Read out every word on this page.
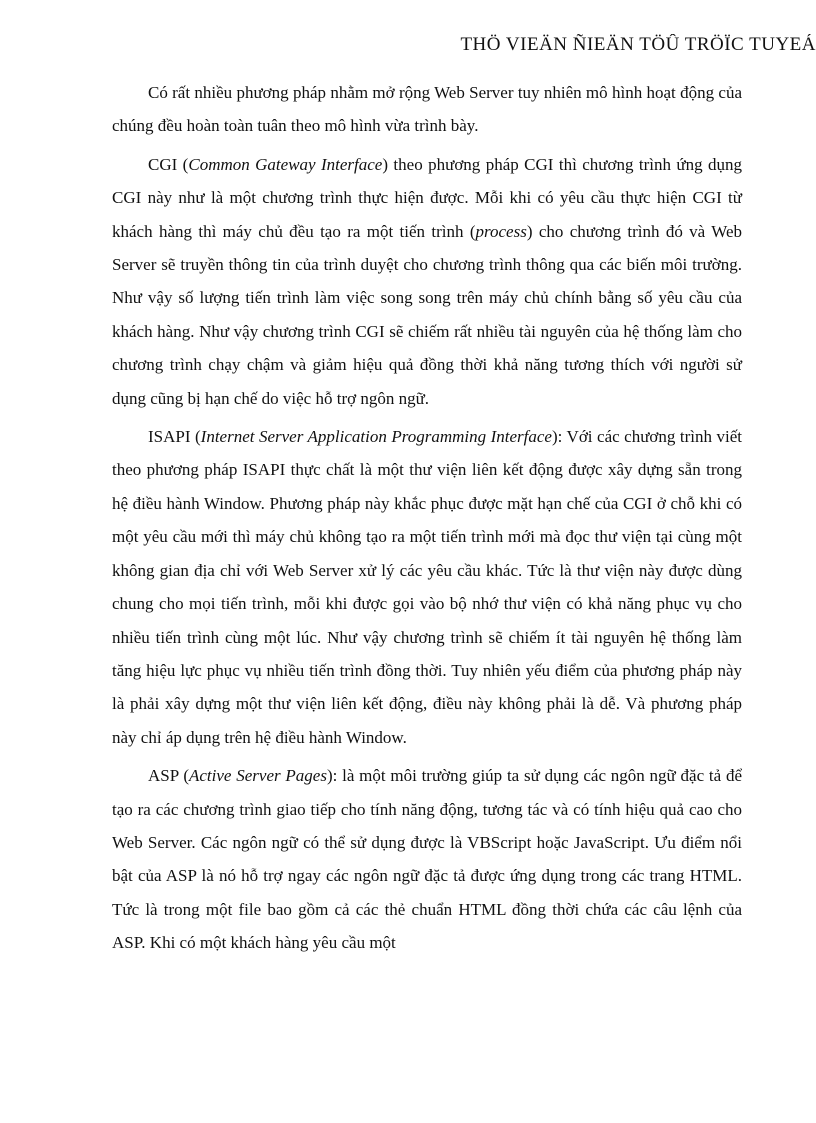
THÖ VIEÄN ÑIEÄN TÖÛ TRÖÏC TUYEÁ

Có rất nhiều phương pháp nhằm mở rộng Web Server tuy nhiên mô hình hoạt động của chúng đều hoàn toàn tuân theo mô hình vừa trình bày.

CGI (Common Gateway Interface) theo phương pháp CGI thì chương trình ứng dụng CGI này như là một chương trình thực hiện được. Mỗi khi có yêu cầu thực hiện CGI từ khách hàng thì máy chủ đều tạo ra một tiến trình (process) cho chương trình đó và Web Server sẽ truyền thông tin của trình duyệt cho chương trình thông qua các biến môi trường. Như vậy số lượng tiến trình làm việc song song trên máy chủ chính bằng số yêu cầu của khách hàng. Như vậy chương trình CGI sẽ chiếm rất nhiều tài nguyên của hệ thống làm cho chương trình chạy chậm và giảm hiệu quả đồng thời khả năng tương thích với người sử dụng cũng bị hạn chế do việc hỗ trợ ngôn ngữ.

ISAPI (Internet Server Application Programming Interface): Với các chương trình viết theo phương pháp ISAPI thực chất là một thư viện liên kết động được xây dựng sẵn trong hệ điều hành Window. Phương pháp này khắc phục được mặt hạn chế của CGI ở chỗ khi có một yêu cầu mới thì máy chủ không tạo ra một tiến trình mới mà đọc thư viện tại cùng một không gian địa chỉ với Web Server xử lý các yêu cầu khác. Tức là thư viện này được dùng chung cho mọi tiến trình, mỗi khi được gọi vào bộ nhớ thư viện có khả năng phục vụ cho nhiều tiến trình cùng một lúc. Như vậy chương trình sẽ chiếm ít tài nguyên hệ thống làm tăng hiệu lực phục vụ nhiều tiến trình đồng thời. Tuy nhiên yếu điểm của phương pháp này là phải xây dựng một thư viện liên kết động, điều này không phải là dễ. Và phương pháp này chỉ áp dụng trên hệ điều hành Window.

ASP (Active Server Pages): là một môi trường giúp ta sử dụng các ngôn ngữ đặc tả để tạo ra các chương trình giao tiếp cho tính năng động, tương tác và có tính hiệu quả cao cho Web Server. Các ngôn ngữ có thể sử dụng được là VBScript hoặc JavaScript. Ưu điểm nổi bật của ASP là nó hỗ trợ ngay các ngôn ngữ đặc tả được ứng dụng trong các trang HTML. Tức là trong một file bao gồm cả các thẻ chuẩn HTML đồng thời chứa các câu lệnh của ASP. Khi có một khách hàng yêu cầu một
